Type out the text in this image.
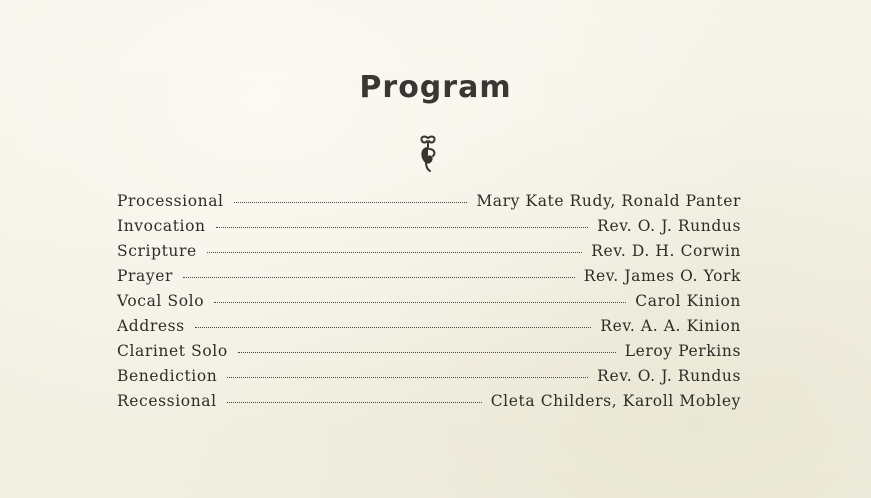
Program
Processional	Mary Kate Rudy, Ronald Panter
Invocation	Rev. O. J. Rundus
Scripture	Rev. D. H. Corwin
Prayer	Rev. James O. York
Vocal Solo	Carol Kinion
Address	Rev. A. A. Kinion
Clarinet Solo	Leroy Perkins
Benediction	Rev. O. J. Rundus
Recessional	Cleta Childers, Karoll Mobley
